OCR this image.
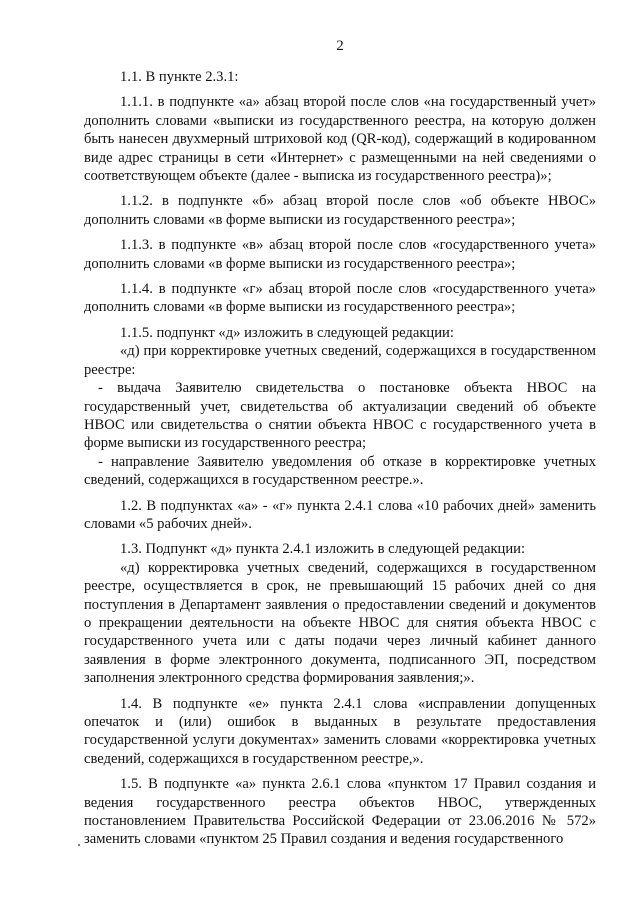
2

1.1. В пункте 2.3.1:

1.1.1. в подпункте «а» абзац второй после слов «на государственный учет» дополнить словами «выписки из государственного реестра, на которую должен быть нанесен двухмерный штриховой код (QR-код), содержащий в кодированном виде адрес страницы в сети «Интернет» с размещенными на ней сведениями о соответствующем объекте (далее - выписка из государственного реестра)»;

1.1.2. в подпункте «б» абзац второй после слов «об объекте НВОС» дополнить словами «в форме выписки из государственного реестра»;

1.1.3. в подпункте «в» абзац второй после слов «государственного учета» дополнить словами «в форме выписки из государственного реестра»;

1.1.4. в подпункте «г» абзац второй после слов «государственного учета» дополнить словами «в форме выписки из государственного реестра»;

1.1.5. подпункт «д» изложить в следующей редакции:

«д) при корректировке учетных сведений, содержащихся в государственном реестре:

- выдача Заявителю свидетельства о постановке объекта НВОС на государственный учет, свидетельства об актуализации сведений об объекте НВОС или свидетельства о снятии объекта НВОС с государственного учета в форме выписки из государственного реестра;

- направление Заявителю уведомления об отказе в корректировке учетных сведений, содержащихся в государственном реестре.».

1.2. В подпунктах «а» - «г» пункта 2.4.1 слова «10 рабочих дней» заменить словами «5 рабочих дней».

1.3. Подпункт «д» пункта 2.4.1 изложить в следующей редакции:

«д) корректировка учетных сведений, содержащихся в государственном реестре, осуществляется в срок, не превышающий 15 рабочих дней со дня поступления в Департамент заявления о предоставлении сведений и документов о прекращении деятельности на объекте НВОС для снятия объекта НВОС с государственного учета или с даты подачи через личный кабинет данного заявления в форме электронного документа, подписанного ЭП, посредством заполнения электронного средства формирования заявления;».

1.4. В подпункте «е» пункта 2.4.1 слова «исправлении допущенных опечаток и (или) ошибок в выданных в результате предоставления государственной услуги документах» заменить словами «корректировка учетных сведений, содержащихся в государственном реестре,».

1.5. В подпункте «а» пункта 2.6.1 слова «пунктом 17 Правил создания и ведения государственного реестра объектов НВОС, утвержденных постановлением Правительства Российской Федерации от 23.06.2016 № 572» заменить словами «пунктом 25 Правил создания и ведения государственного
